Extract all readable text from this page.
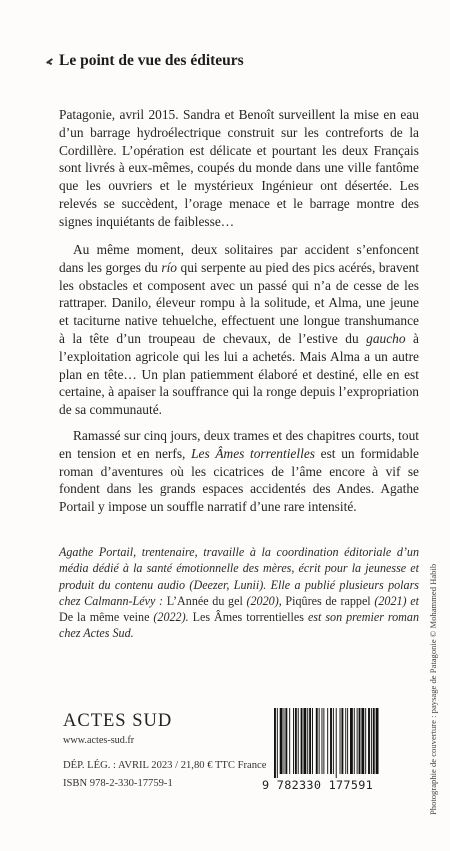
Le point de vue des éditeurs

Patagonie, avril 2015. Sandra et Benoît surveillent la mise en eau d’un barrage hydroélectrique construit sur les contreforts de la Cordillère. L’opération est délicate et pourtant les deux Français sont livrés à eux-mêmes, coupés du monde dans une ville fantôme que les ouvriers et le mystérieux Ingénieur ont désertée. Les relevés se succèdent, l’orage menace et le barrage montre des signes inquiétants de faiblesse…

Au même moment, deux solitaires par accident s’enfoncent dans les gorges du río qui serpente au pied des pics acérés, bravent les obstacles et composent avec un passé qui n’a de cesse de les rattraper. Danilo, éleveur rompu à la solitude, et Alma, une jeune et taciturne native tehuelche, effectuent une longue transhumance à la tête d’un troupeau de chevaux, de l’estive du gaucho à l’exploitation agricole qui les lui a achetés. Mais Alma a un autre plan en tête… Un plan patiemment élaboré et destiné, elle en est certaine, à apaiser la souffrance qui la ronge depuis l’expropriation de sa communauté.

Ramassé sur cinq jours, deux trames et des chapitres courts, tout en tension et en nerfs, Les Âmes torrentielles est un formidable roman d’aventures où les cicatrices de l’âme encore à vif se fondent dans les grands espaces accidentés des Andes. Agathe Portail y impose un souffle narratif d’une rare intensité.

Agathe Portail, trentenaire, travaille à la coordination éditoriale d’un média dédié à la santé émotionnelle des mères, écrit pour la jeunesse et produit du contenu audio (Deezer, Lunii). Elle a publié plusieurs polars chez Calmann-Lévy : L’Année du gel (2020), Piqûres de rappel (2021) et De la même veine (2022). Les Âmes torrentielles est son premier roman chez Actes Sud.

ACTES SUD
www.actes-sud.fr
DÉP. LÉG. : AVRIL 2023 / 21,80 € TTC France
ISBN 978-2-330-17759-1	9 782330 177591	Photographie de couverture : paysage de Patagonie © Mohammed Habib
